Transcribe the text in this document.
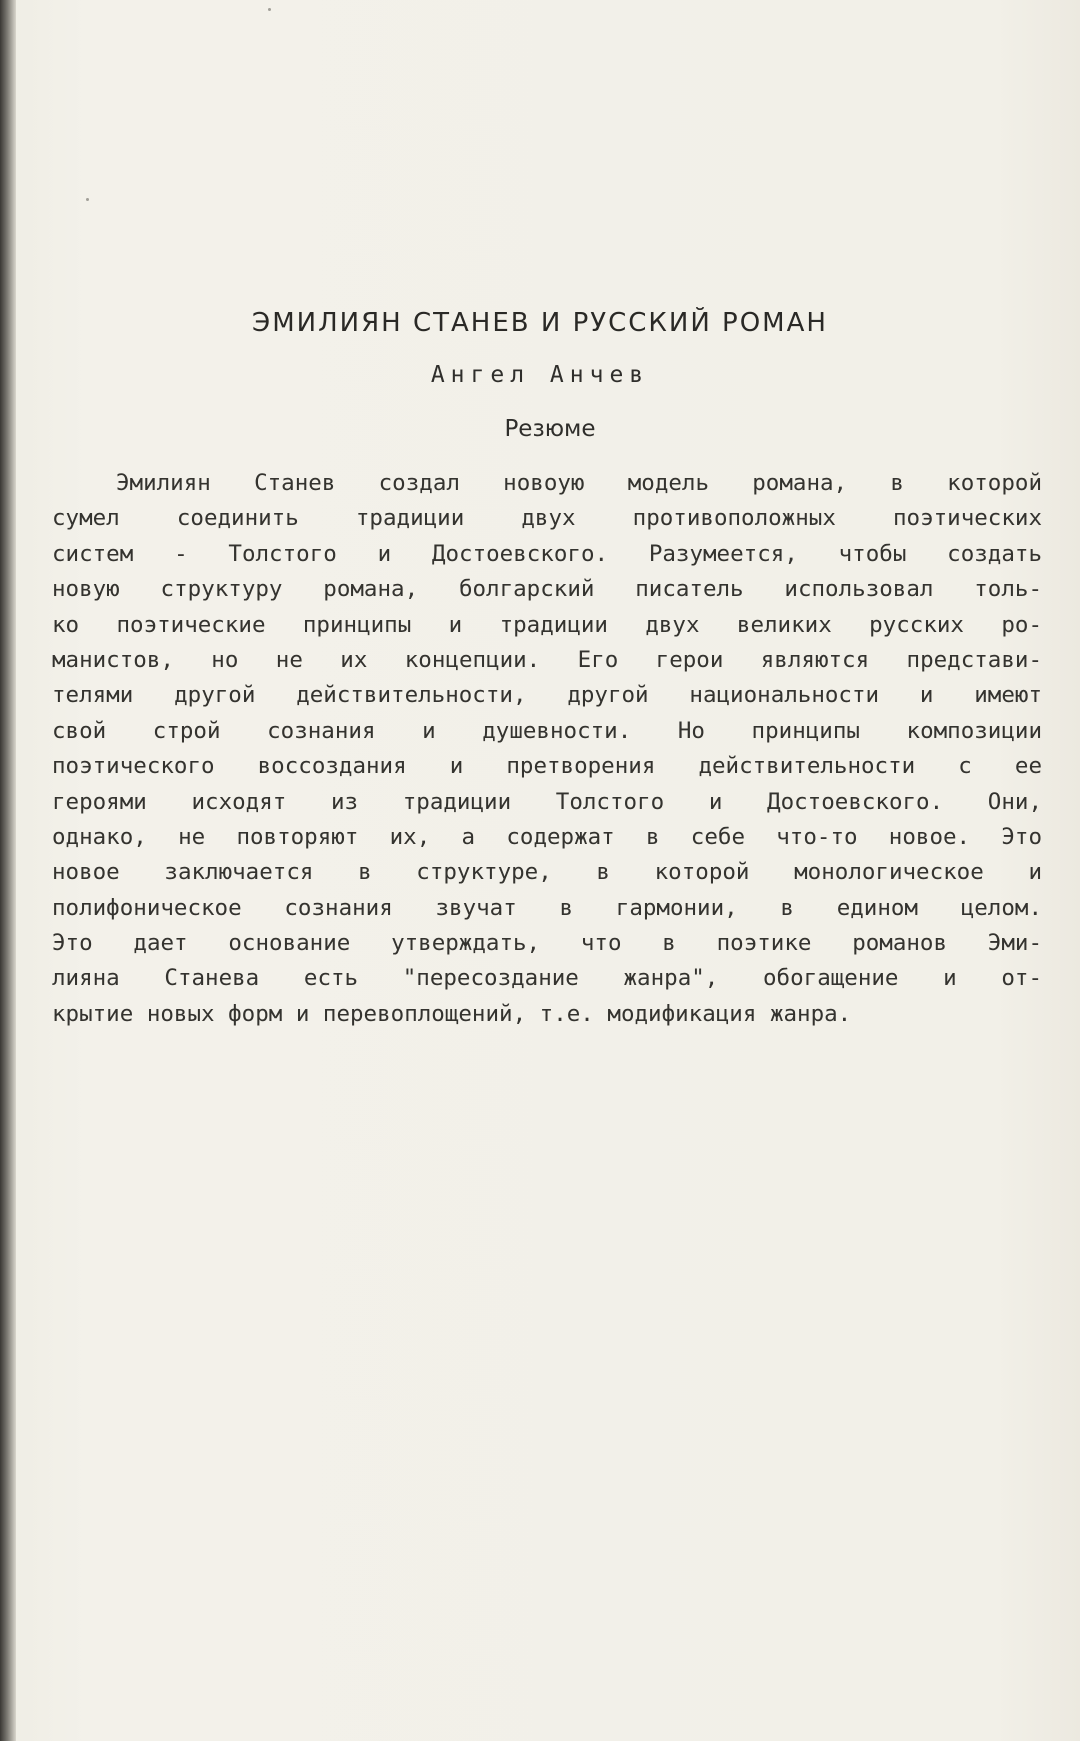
ЭМИЛИЯН СТАНЕВ И РУССКИЙ РОМАН

Ангел Анчев

Резюме

Эмилиян Станев создал новоую модель романа, в которой
сумел соединить традиции двух противоположных поэтических
систем - Толстого и Достоевского. Разумеется, чтобы создать
новую структуру романа, болгарский писатель использовал толь-
ко поэтические принципы и традиции двух великих русских ро-
манистов, но не их концепции. Его герои являются представи-
телями другой действительности, другой национальности и имеют
свой строй сознания и душевности. Но принципы композиции
поэтического воссоздания и претворения действительности с ее
героями исходят из традиции Толстого и Достоевского. Они,
однако, не повторяют их, а содержат в себе что-то новое. Это
новое заключается в структуре, в которой монологическое и
полифоническое сознания звучат в гармонии, в едином целом.
Это дает основание утверждать, что в поэтике романов Эми-
лияна Станева есть "пересоздание жанра", обогащение и от-
крытие новых форм и перевоплощений, т.е. модификация жанра.
